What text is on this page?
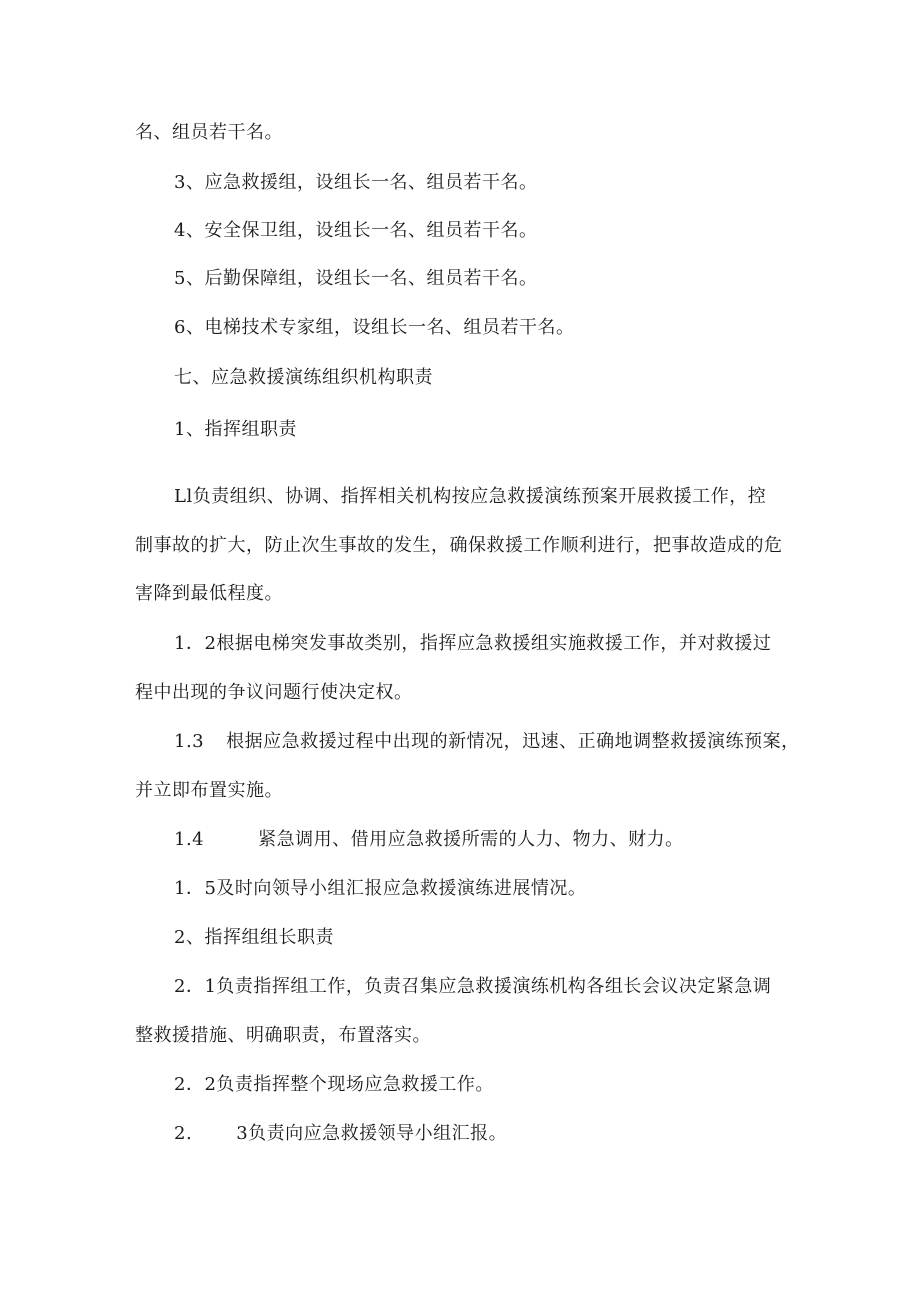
名、组员若干名。
3、应急救援组，设组长一名、组员若干名。
4、安全保卫组，设组长一名、组员若干名。
5、后勤保障组，设组长一名、组员若干名。
6、电梯技术专家组，设组长一名、组员若干名。
七、应急救援演练组织机构职责
1、指挥组职责
Ll负责组织、协调、指挥相关机构按应急救援演练预案开展救援工作，控
制事故的扩大，防止次生事故的发生，确保救援工作顺利进行，把事故造成的危
害降到最低程度。
1．2根据电梯突发事故类别，指挥应急救援组实施救援工作，并对救援过
程中出现的争议问题行使决定权。
1.3 根据应急救援过程中出现的新情况，迅速、正确地调整救援演练预案，
并立即布置实施。
1.4	紧急调用、借用应急救援所需的人力、物力、财力。
1．5及时向领导小组汇报应急救援演练进展情况。
2、指挥组组长职责
2．1负责指挥组工作，负责召集应急救援演练机构各组长会议决定紧急调
整救援措施、明确职责，布置落实。
2．2负责指挥整个现场应急救援工作。
2. 3负责向应急救援领导小组汇报。
